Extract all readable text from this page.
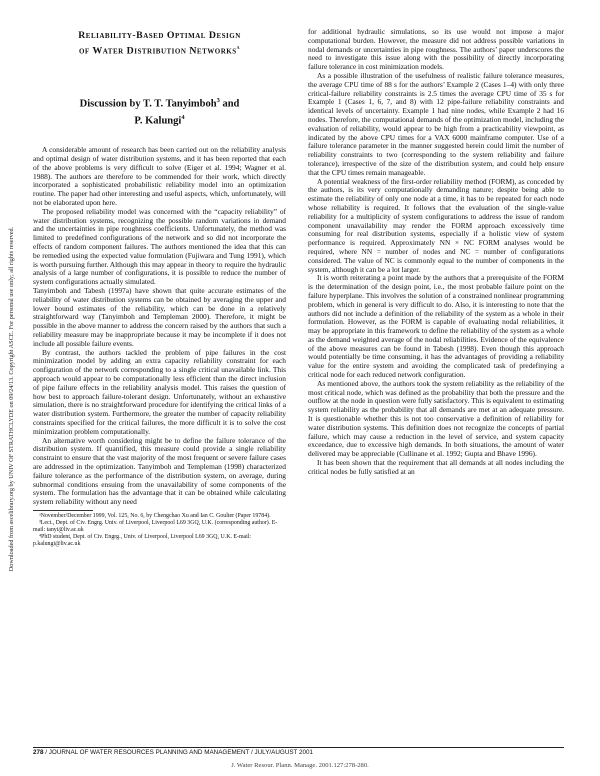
Downloaded from ascelibrary.org by UNIV OF STRATHCLYDE on 09/24/13. Copyright ASCE. For personal use only; all rights reserved.
Reliability-Based Optimal Design
of Water Distribution Networks$^a$
Discussion by T. T. Tanyimboh$^3$ and
P. Kalungi$^4$

A considerable amount of research has been carried out on the reliability analysis and optimal design of water distribution systems, and it has been reported that each of the above problems is very difficult to solve (Eiger et al. 1994; Wagner et al. 1988). The authors are therefore to be commended for their work, which directly incorporated a sophisticated probabilistic reliability model into an optimization routine. The paper had other interesting and useful aspects, which, unfortunately, will not be elaborated upon here.

The proposed reliability model was concerned with the “capacity reliability” of water distribution systems, recognizing the possible random variations in demand and the uncertainties in pipe roughness coefficients. Unfortunately, the method was limited to predefined configurations of the network and so did not incorporate the effects of random component failures. The authors mentioned the idea that this can be remedied using the expected value formulation (Fujiwara and Tung 1991), which is worth pursuing further. Although this may appear in theory to require the hydraulic analysis of a large number of configurations, it is possible to reduce the number of system configurations actually simulated.

Tanyimboh and Tabesh (1997a) have shown that quite accurate estimates of the reliability of water distribution systems can be obtained by averaging the upper and lower bound estimates of the reliability, which can be done in a relatively straightforward way (Tanyimboh and Templeman 2000). Therefore, it might be possible in the above manner to address the concern raised by the authors that such a reliability measure may be inappropriate because it may be incomplete if it does not include all possible failure events.

By contrast, the authors tackled the problem of pipe failures in the cost minimization model by adding an extra capacity reliability constraint for each configuration of the network corresponding to a single critical unavailable link. This approach would appear to be computationally less efficient than the direct inclusion of pipe failure effects in the reliability analysis model. This raises the question of how best to approach failure-tolerant design. Unfortunately, without an exhaustive simulation, there is no straightforward procedure for identifying the critical links of a water distribution system. Furthermore, the greater the number of capacity reliability constraints specified for the critical failures, the more difficult it is to solve the cost minimization problem computationally.

An alternative worth considering might be to define the failure tolerance of the distribution system. If quantified, this measure could provide a single reliability constraint to ensure that the vast majority of the most frequent or severe failure cases are addressed in the optimization. Tanyimboh and Templeman (1998) characterized failure tolerance as the performance of the distribution system, on average, during subnormal conditions ensuing from the unavailability of some components of the system. The formulation has the advantage that it can be obtained while calculating system reliability without any need

ᵃNovember/December 1999, Vol. 125, No. 6, by Chengchao Xu and Ian C. Goulter (Paper 19784).
³Lect., Dept. of Civ. Engrg. Univ. of Liverpool, Liverpool L69 3GQ, U.K. (corresponding author). E-mail: tanyi@liv.ac.uk
⁴PhD student, Dept. of Civ. Engrg., Univ. of Liverpool, Liverpool L69 3GQ, U.K. E-mail: p.kalungi@liv.ac.uk

for additional hydraulic simulations, so its use would not impose a major computational burden. However, the measure did not address possible variations in nodal demands or uncertainties in pipe roughness. The authors’ paper underscores the need to investigate this issue along with the possibility of directly incorporating failure tolerance in cost minimization models.

As a possible illustration of the usefulness of realistic failure tolerance measures, the average CPU time of 88 s for the authors’ Example 2 (Cases 1–4) with only three critical-failure reliability constraints is 2.5 times the average CPU time of 35 s for Example 1 (Cases 1, 6, 7, and 8) with 12 pipe-failure reliability constraints and identical levels of uncertainty. Example 1 had nine nodes, while Example 2 had 16 nodes. Therefore, the computational demands of the optimization model, including the evaluation of reliability, would appear to be high from a practicability viewpoint, as indicated by the above CPU times for a VAX 6000 mainframe computer. Use of a failure tolerance parameter in the manner suggested herein could limit the number of reliability constraints to two (corresponding to the system reliability and failure tolerance), irrespective of the size of the distribution system, and could help ensure that the CPU times remain manageable.

A potential weakness of the first-order reliability method (FORM), as conceded by the authors, is its very computationally demanding nature; despite being able to estimate the reliability of only one node at a time, it has to be repeated for each node whose reliability is required. It follows that the evaluation of the single-value reliability for a multiplicity of system configurations to address the issue of random component unavailability may render the FORM approach excessively time consuming for real distribution systems, especially if a holistic view of system performance is required. Approximately NN × NC FORM analyses would be required, where NN = number of nodes and NC = number of configurations considered. The value of NC is commonly equal to the number of components in the system, although it can be a lot larger.

It is worth reiterating a point made by the authors that a prerequisite of the FORM is the determination of the design point, i.e., the most probable failure point on the failure hyperplane. This involves the solution of a constrained nonlinear programming problem, which in general is very difficult to do. Also, it is interesting to note that the authors did not include a definition of the reliability of the system as a whole in their formulation. However, as the FORM is capable of evaluating nodal reliabilities, it may be appropriate in this framework to define the reliability of the system as a whole as the demand weighted average of the nodal reliabilities. Evidence of the equivalence of the above measures can be found in Tabesh (1998). Even though this approach would potentially be time consuming, it has the advantages of providing a reliability value for the entire system and avoiding the complicated task of predefinying a critical node for each reduced network configuration.

As mentioned above, the authors took the system reliability as the reliability of the most critical node, which was defined as the probability that both the pressure and the outflow at the node in question were fully satisfactory. This is equivalent to estimating system reliability as the probability that all demands are met at an adequate pressure. It is questionable whether this is not too conservative a definition of reliability for water distribution systems. This definition does not recognize the concepts of partial failure, which may cause a reduction in the level of service, and system capacity exceedance, due to excessive high demands. In both situations, the amount of water delivered may be appreciable (Cullinane et al. 1992; Gupta and Bhave 1996).

It has been shown that the requirement that all demands at all nodes including the critical nodes be fully satisfied at an

278 / JOURNAL OF WATER RESOURCES PLANNING AND MANAGEMENT / JULY/AUGUST 2001
J. Water Resour. Plann. Manage. 2001.127:278-280.
